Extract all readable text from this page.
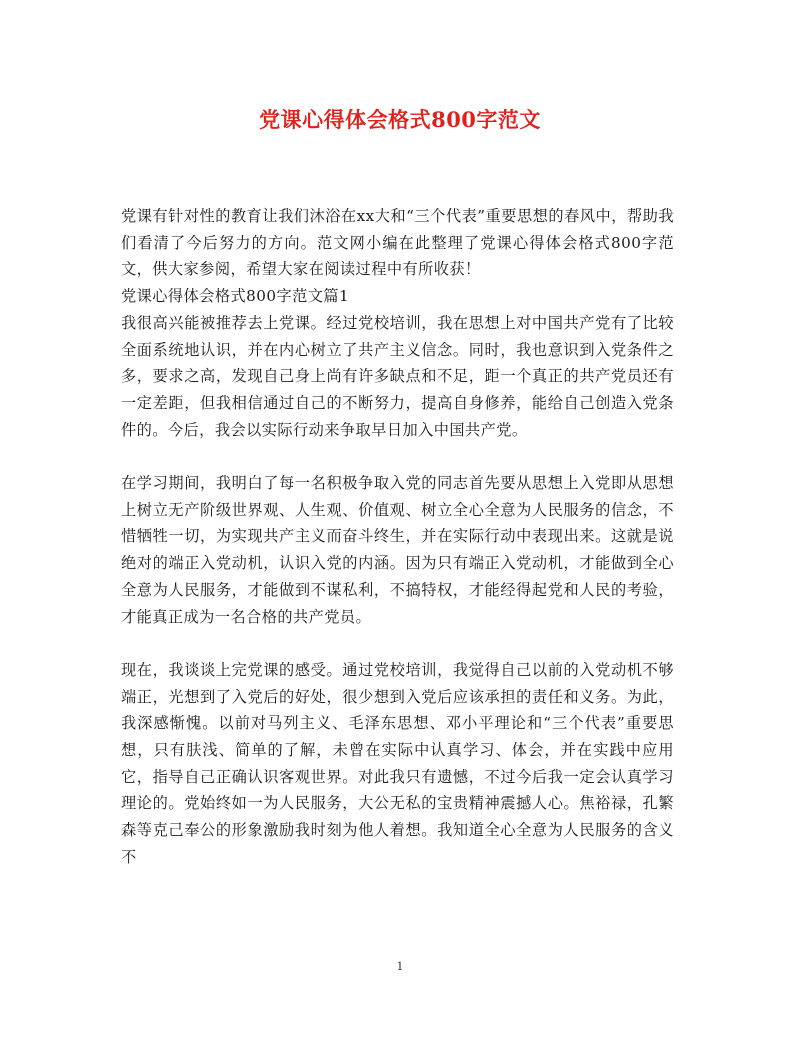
党课心得体会格式800字范文

党课有针对性的教育让我们沐浴在xx大和“三个代表”重要思想的春风中，帮助我们看清了今后努力的方向。范文网小编在此整理了党课心得体会格式800字范文，供大家参阅，希望大家在阅读过程中有所收获！

党课心得体会格式800字范文篇1

我很高兴能被推荐去上党课。经过党校培训，我在思想上对中国共产党有了比较全面系统地认识，并在内心树立了共产主义信念。同时，我也意识到入党条件之多，要求之高，发现自己身上尚有许多缺点和不足，距一个真正的共产党员还有一定差距，但我相信通过自己的不断努力，提高自身修养，能给自己创造入党条件的。今后，我会以实际行动来争取早日加入中国共产党。

在学习期间，我明白了每一名积极争取入党的同志首先要从思想上入党即从思想上树立无产阶级世界观、人生观、价值观、树立全心全意为人民服务的信念，不惜牺牲一切，为实现共产主义而奋斗终生，并在实际行动中表现出来。这就是说绝对的端正入党动机，认识入党的内涵。因为只有端正入党动机，才能做到全心全意为人民服务，才能做到不谋私利，不搞特权，才能经得起党和人民的考验，才能真正成为一名合格的共产党员。

现在，我谈谈上完党课的感受。通过党校培训，我觉得自己以前的入党动机不够端正，光想到了入党后的好处，很少想到入党后应该承担的责任和义务。为此，我深感惭愧。以前对马列主义、毛泽东思想、邓小平理论和“三个代表”重要思想，只有肤浅、简单的了解，未曾在实际中认真学习、体会，并在实践中应用它，指导自己正确认识客观世界。对此我只有遗憾，不过今后我一定会认真学习理论的。党始终如一为人民服务，大公无私的宝贵精神震撼人心。焦裕禄，孔繁森等克己奉公的形象激励我时刻为他人着想。我知道全心全意为人民服务的含义不

1
